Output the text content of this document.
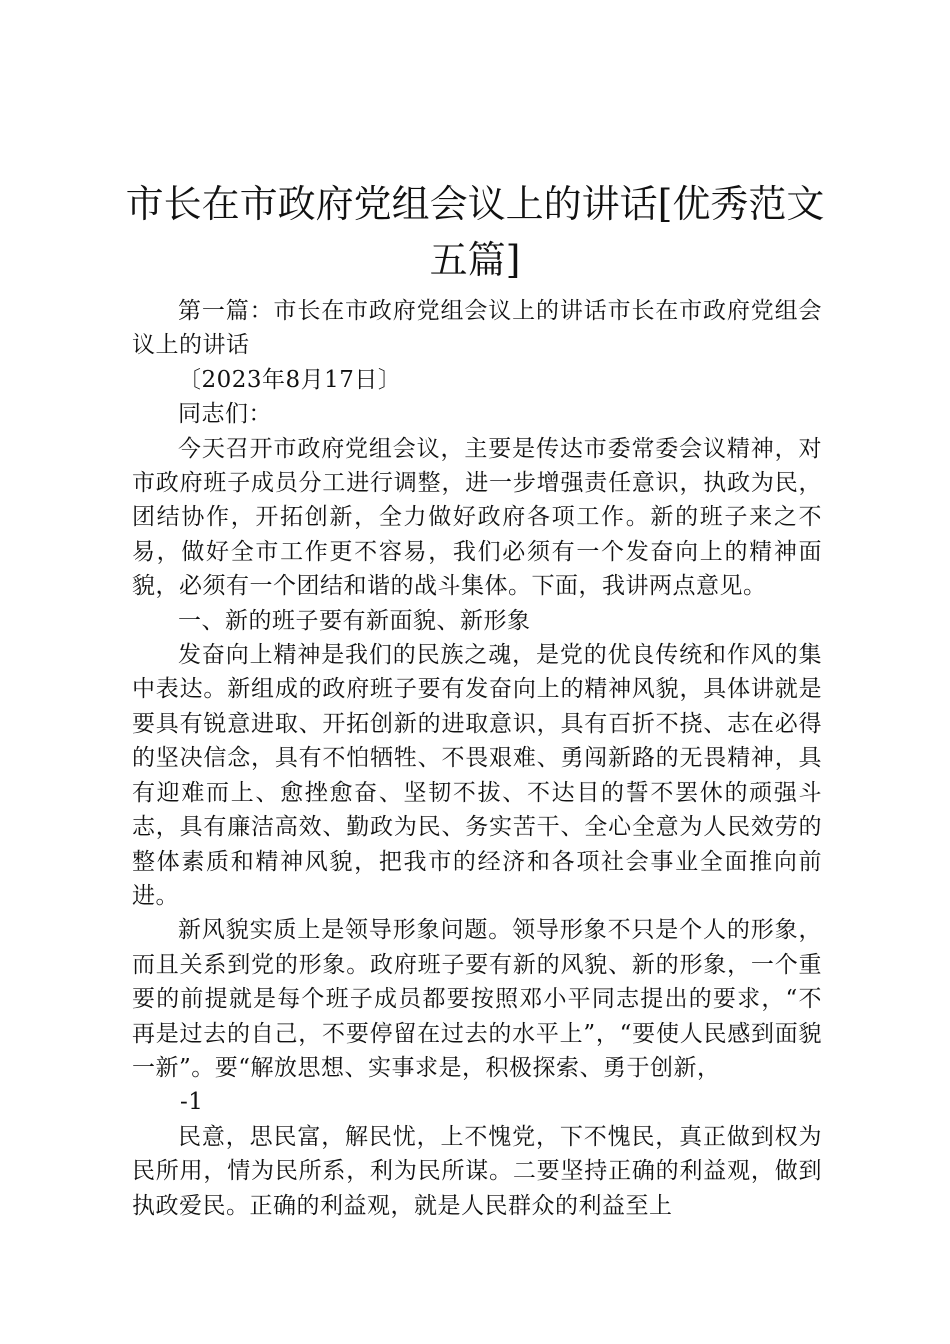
市长在市政府党组会议上的讲话[优秀范文五篇]

第一篇：市长在市政府党组会议上的讲话市长在市政府党组会议上的讲话

〔2023年8月17日〕

同志们：

今天召开市政府党组会议，主要是传达市委常委会议精神，对市政府班子成员分工进行调整，进一步增强责任意识，执政为民，团结协作，开拓创新，全力做好政府各项工作。新的班子来之不易，做好全市工作更不容易，我们必须有一个发奋向上的精神面貌，必须有一个团结和谐的战斗集体。下面，我讲两点意见。

一、新的班子要有新面貌、新形象

发奋向上精神是我们的民族之魂，是党的优良传统和作风的集中表达。新组成的政府班子要有发奋向上的精神风貌，具体讲就是要具有锐意进取、开拓创新的进取意识，具有百折不挠、志在必得的坚决信念，具有不怕牺牲、不畏艰难、勇闯新路的无畏精神，具有迎难而上、愈挫愈奋、坚韧不拔、不达目的誓不罢休的顽强斗志，具有廉洁高效、勤政为民、务实苦干、全心全意为人民效劳的整体素质和精神风貌，把我市的经济和各项社会事业全面推向前进。

新风貌实质上是领导形象问题。领导形象不只是个人的形象，而且关系到党的形象。政府班子要有新的风貌、新的形象，一个重要的前提就是每个班子成员都要按照邓小平同志提出的要求，“不再是过去的自己，不要停留在过去的水平上”，“要使人民感到面貌一新”。要“解放思想、实事求是，积极探索、勇于创新，

-1

民意，思民富，解民忧，上不愧党，下不愧民，真正做到权为民所用，情为民所系，利为民所谋。二要坚持正确的利益观，做到执政爱民。正确的利益观，就是人民群众的利益至上
